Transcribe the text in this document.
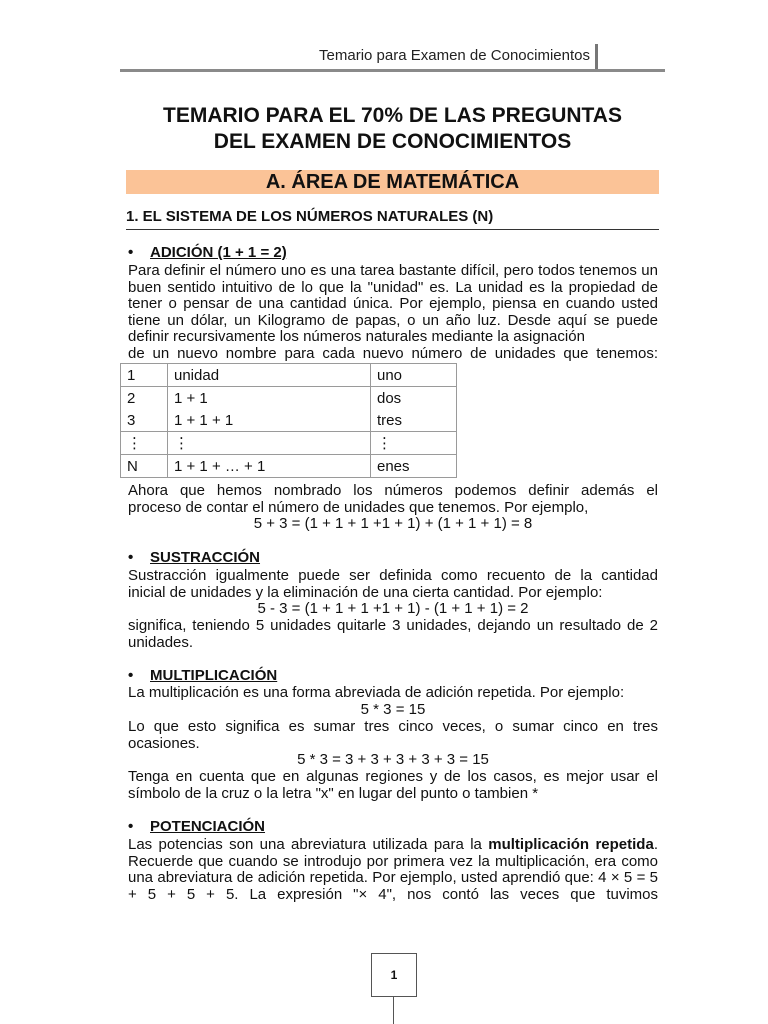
Temario para Examen de Conocimientos
TEMARIO PARA EL 70% DE LAS PREGUNTAS
DEL EXAMEN DE CONOCIMIENTOS
A. ÁREA DE MATEMÁTICA
1. EL SISTEMA DE LOS NÚMEROS NATURALES (N)
• ADICIÓN (1 + 1 = 2)
Para definir el número uno es una tarea bastante difícil, pero todos tenemos un buen sentido intuitivo de lo que la "unidad" es. La unidad es la propiedad de tener o pensar de una cantidad única. Por ejemplo, piensa en cuando usted tiene un dólar, un Kilogramo de papas, o un año luz. Desde aquí se puede definir recursivamente los números naturales mediante la asignación
de un nuevo nombre para cada nuevo número de unidades que tenemos:
1	unidad	uno
2	1 + 1	dos
3	1 + 1 + 1	tres
⋮	⋮	⋮
N	1 + 1 + … + 1	enes
Ahora que hemos nombrado los números podemos definir además el
proceso de contar el número de unidades que tenemos. Por ejemplo,
5 + 3 = (1 + 1 + 1 +1 + 1) + (1 + 1 + 1) = 8
• SUSTRACCIÓN
Sustracción igualmente puede ser definida como recuento de la cantidad
inicial de unidades y la eliminación de una cierta cantidad. Por ejemplo:
5 - 3 = (1 + 1 + 1 +1 + 1) - (1 + 1 + 1) = 2
significa, teniendo 5 unidades quitarle 3 unidades, dejando un resultado de 2
unidades.
• MULTIPLICACIÓN
La multiplicación es una forma abreviada de adición repetida. Por ejemplo:
5 * 3 = 15
Lo que esto significa es sumar tres cinco veces, o sumar cinco en tres
ocasiones.
5 * 3 = 3 + 3 + 3 + 3 + 3 = 15
Tenga en cuenta que en algunas regiones y de los casos, es mejor usar el
símbolo de la cruz o la letra "x" en lugar del punto o tambien *
• POTENCIACIÓN
Las potencias son una abreviatura utilizada para la multiplicación repetida.
Recuerde que cuando se introdujo por primera vez la multiplicación, era como una abreviatura de adición repetida. Por ejemplo, usted aprendió que: 4 × 5 = 5 + 5 + 5 + 5. La expresión "× 4", nos contó las veces que tuvimos
1
